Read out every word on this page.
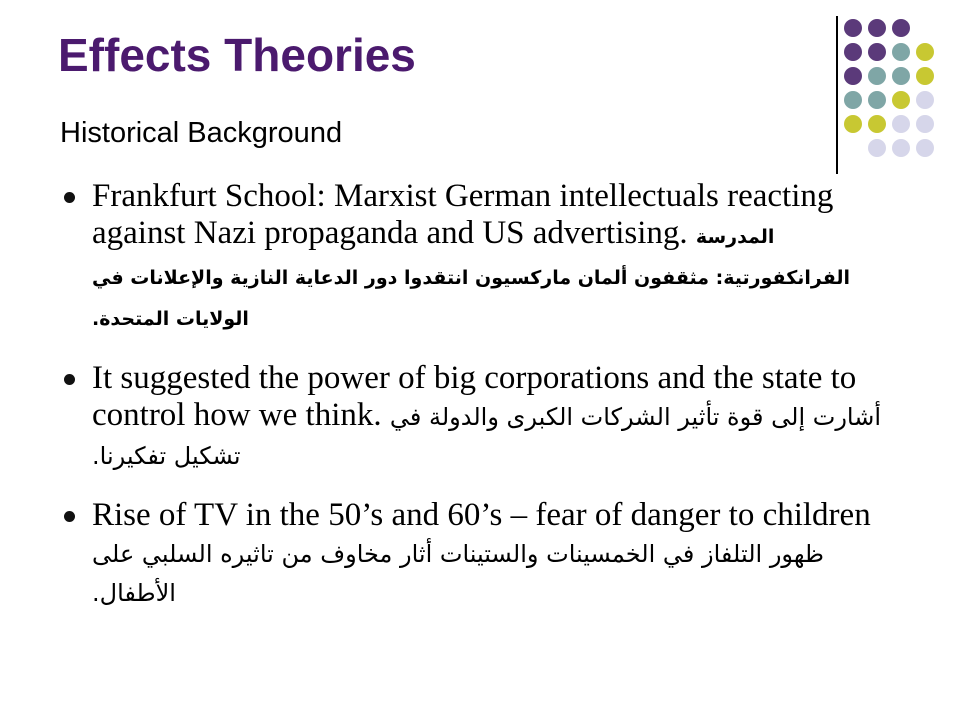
Effects Theories
Historical Background
Frankfurt School: Marxist German intellectuals reacting against Nazi propaganda and US advertising. المدرسة الفرانكفورتية: مثقفون ألمان ماركسيون انتقدوا دور الدعاية النازية والإعلانات في الولايات المتحدة.
It suggested the power of big corporations and the state to control how we think. أشارت إلى قوة تأثير الشركات الكبرى والدولة في تشكيل تفكيرنا.
Rise of TV in the 50’s and 60’s – fear of danger to children ظهور التلفاز في الخمسينات والستينات أثار مخاوف من تاثيره السلبي على الأطفال.
